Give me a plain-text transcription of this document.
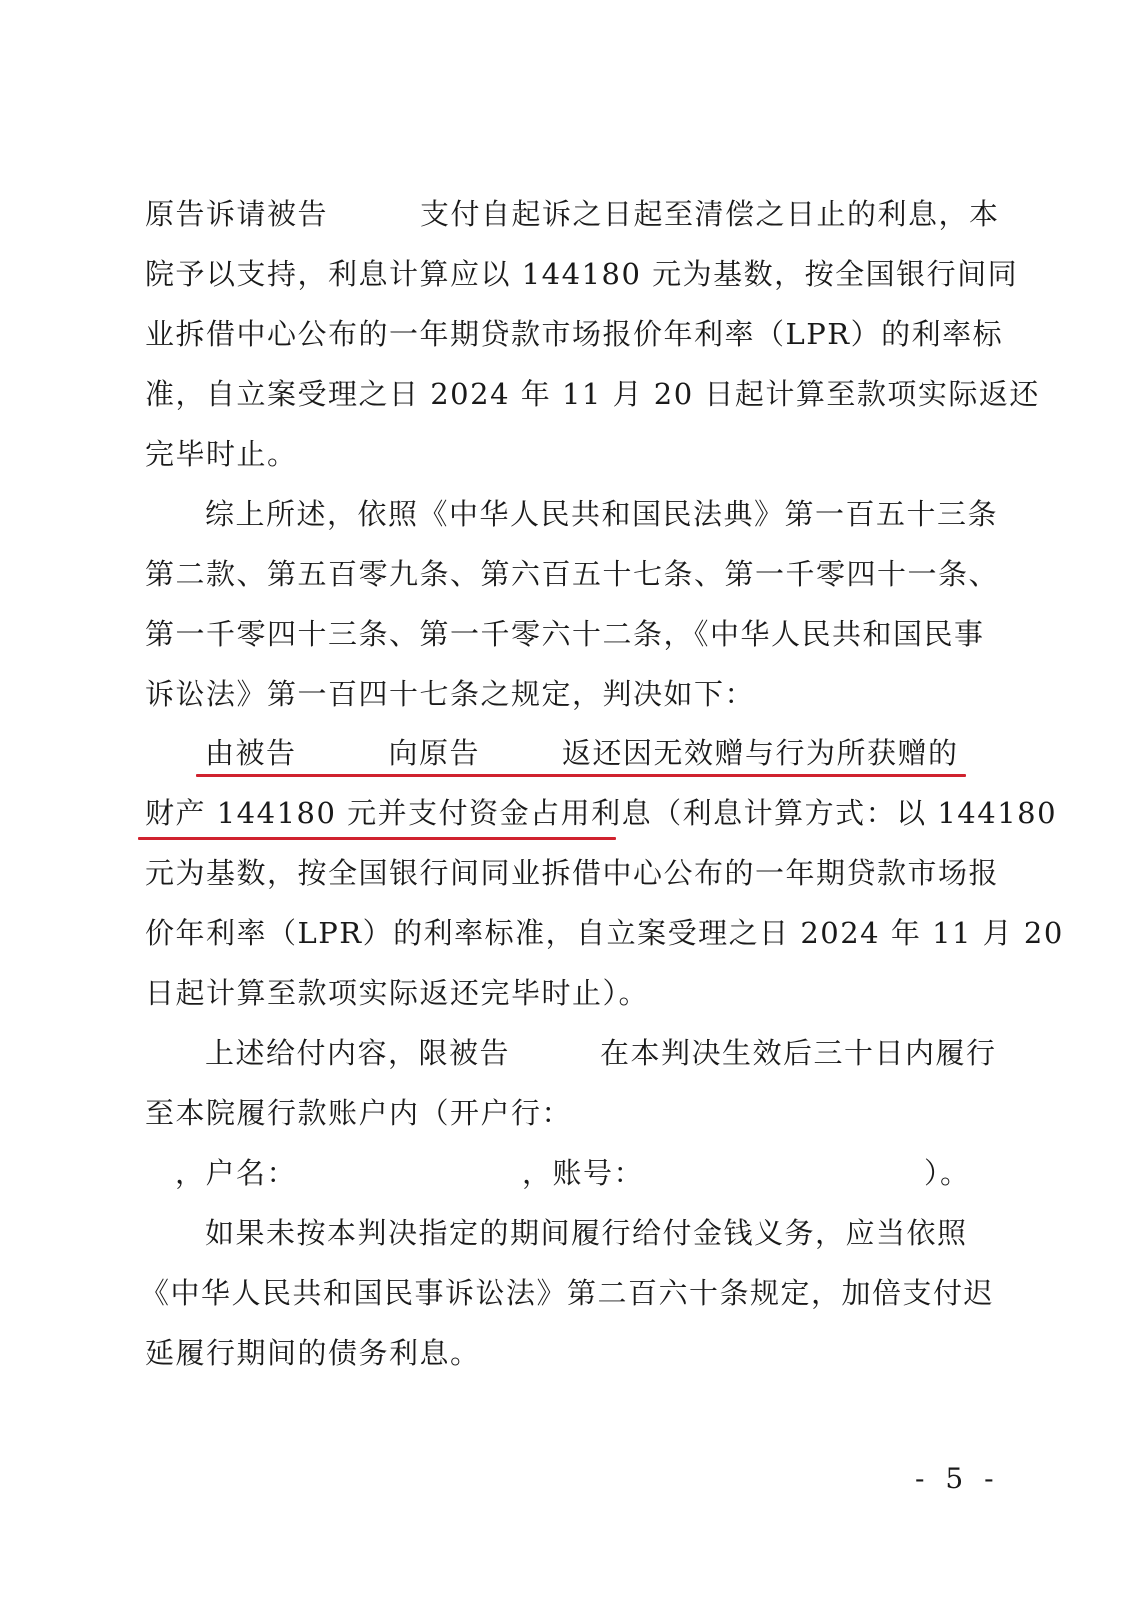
原告诉请被告	支付自起诉之日起至清偿之日止的利息，本
院予以支持，利息计算应以 144180 元为基数，按全国银行间同
业拆借中心公布的一年期贷款市场报价年利率（LPR）的利率标
准，自立案受理之日 2024 年 11 月 20 日起计算至款项实际返还
完毕时止。
综上所述，依照《中华人民共和国民法典》第一百五十三条
第二款、第五百零九条、第六百五十七条、第一千零四十一条、
第一千零四十三条、第一千零六十二条，《中华人民共和国民事
诉讼法》第一百四十七条之规定，判决如下：
由被告	向原告	返还因无效赠与行为所获赠的
财产 144180 元并支付资金占用利息（利息计算方式：以 144180
元为基数，按全国银行间同业拆借中心公布的一年期贷款市场报
价年利率（LPR）的利率标准，自立案受理之日 2024 年 11 月 20
日起计算至款项实际返还完毕时止）。
上述给付内容，限被告	在本判决生效后三十日内履行
至本院履行款账户内（开户行：
，户名：	，账号：	）。
如果未按本判决指定的期间履行给付金钱义务，应当依照
《中华人民共和国民事诉讼法》第二百六十条规定，加倍支付迟
延履行期间的债务利息。
- 5 -
